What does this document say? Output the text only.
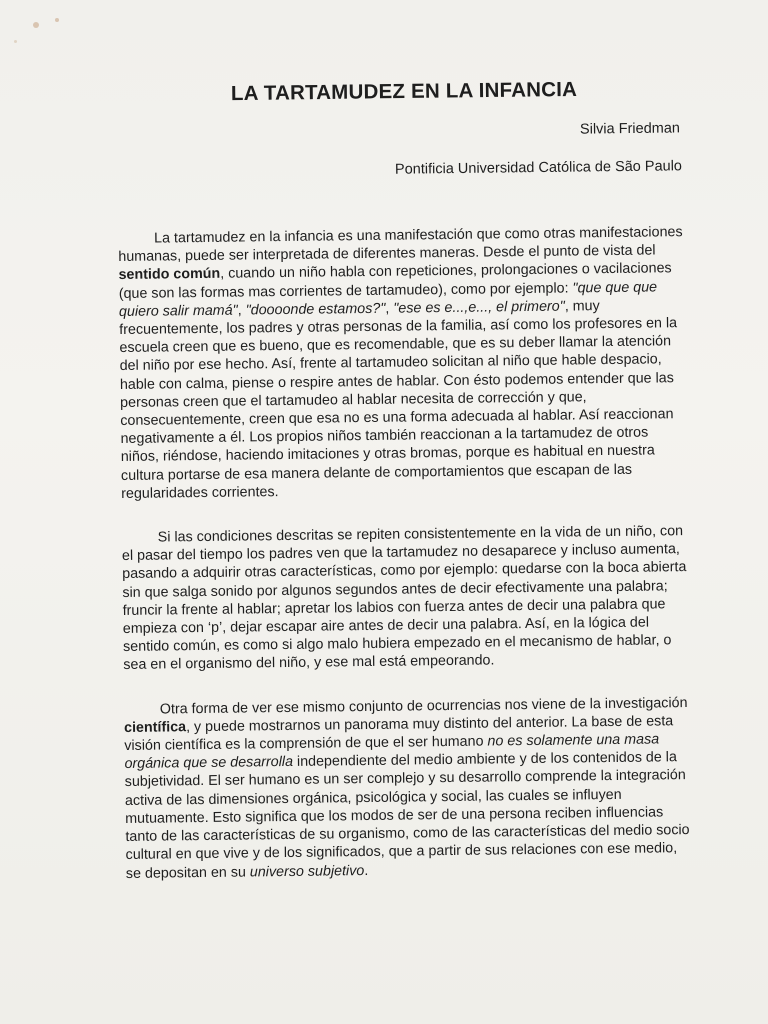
LA TARTAMUDEZ EN LA INFANCIA
Silvia Friedman
Pontificia Universidad Católica de São Paulo

La tartamudez en la infancia es una manifestación que como otras manifestaciones humanas, puede ser interpretada de diferentes maneras. Desde el punto de vista del sentido común, cuando un niño habla con repeticiones, prolongaciones o vacilaciones (que son las formas mas corrientes de tartamudeo), como por ejemplo: "que que que quiero salir mamá", "doooonde estamos?", "ese es e...,e..., el primero", muy frecuentemente, los padres y otras personas de la familia, así como los profesores en la escuela creen que es bueno, que es recomendable, que es su deber llamar la atención del niño por ese hecho. Así, frente al tartamudeo solicitan al niño que hable despacio, hable con calma, piense o respire antes de hablar. Con ésto podemos entender que las personas creen que el tartamudeo al hablar necesita de corrección y que, consecuentemente, creen que esa no es una forma adecuada al hablar. Así reaccionan negativamente a él. Los propios niños también reaccionan a la tartamudez de otros niños, riéndose, haciendo imitaciones y otras bromas, porque es habitual en nuestra cultura portarse de esa manera delante de comportamientos que escapan de las regularidades corrientes.

Si las condiciones descritas se repiten consistentemente en la vida de un niño, con el pasar del tiempo los padres ven que la tartamudez no desaparece y incluso aumenta, pasando a adquirir otras características, como por ejemplo: quedarse con la boca abierta sin que salga sonido por algunos segundos antes de decir efectivamente una palabra; fruncir la frente al hablar; apretar los labios con fuerza antes de decir una palabra que empieza con ‘p’, dejar escapar aire antes de decir una palabra. Así, en la lógica del sentido común, es como si algo malo hubiera empezado en el mecanismo de hablar, o sea en el organismo del niño, y ese mal está empeorando.

Otra forma de ver ese mismo conjunto de ocurrencias nos viene de la investigación científica, y puede mostrarnos un panorama muy distinto del anterior. La base de esta visión científica es la comprensión de que el ser humano no es solamente una masa orgánica que se desarrolla independiente del medio ambiente y de los contenidos de la subjetividad. El ser humano es un ser complejo y su desarrollo comprende la integración activa de las dimensiones orgánica, psicológica y social, las cuales se influyen mutuamente. Esto significa que los modos de ser de una persona reciben influencias tanto de las características de su organismo, como de las características del medio socio cultural en que vive y de los significados, que a partir de sus relaciones con ese medio, se depositan en su universo subjetivo.
